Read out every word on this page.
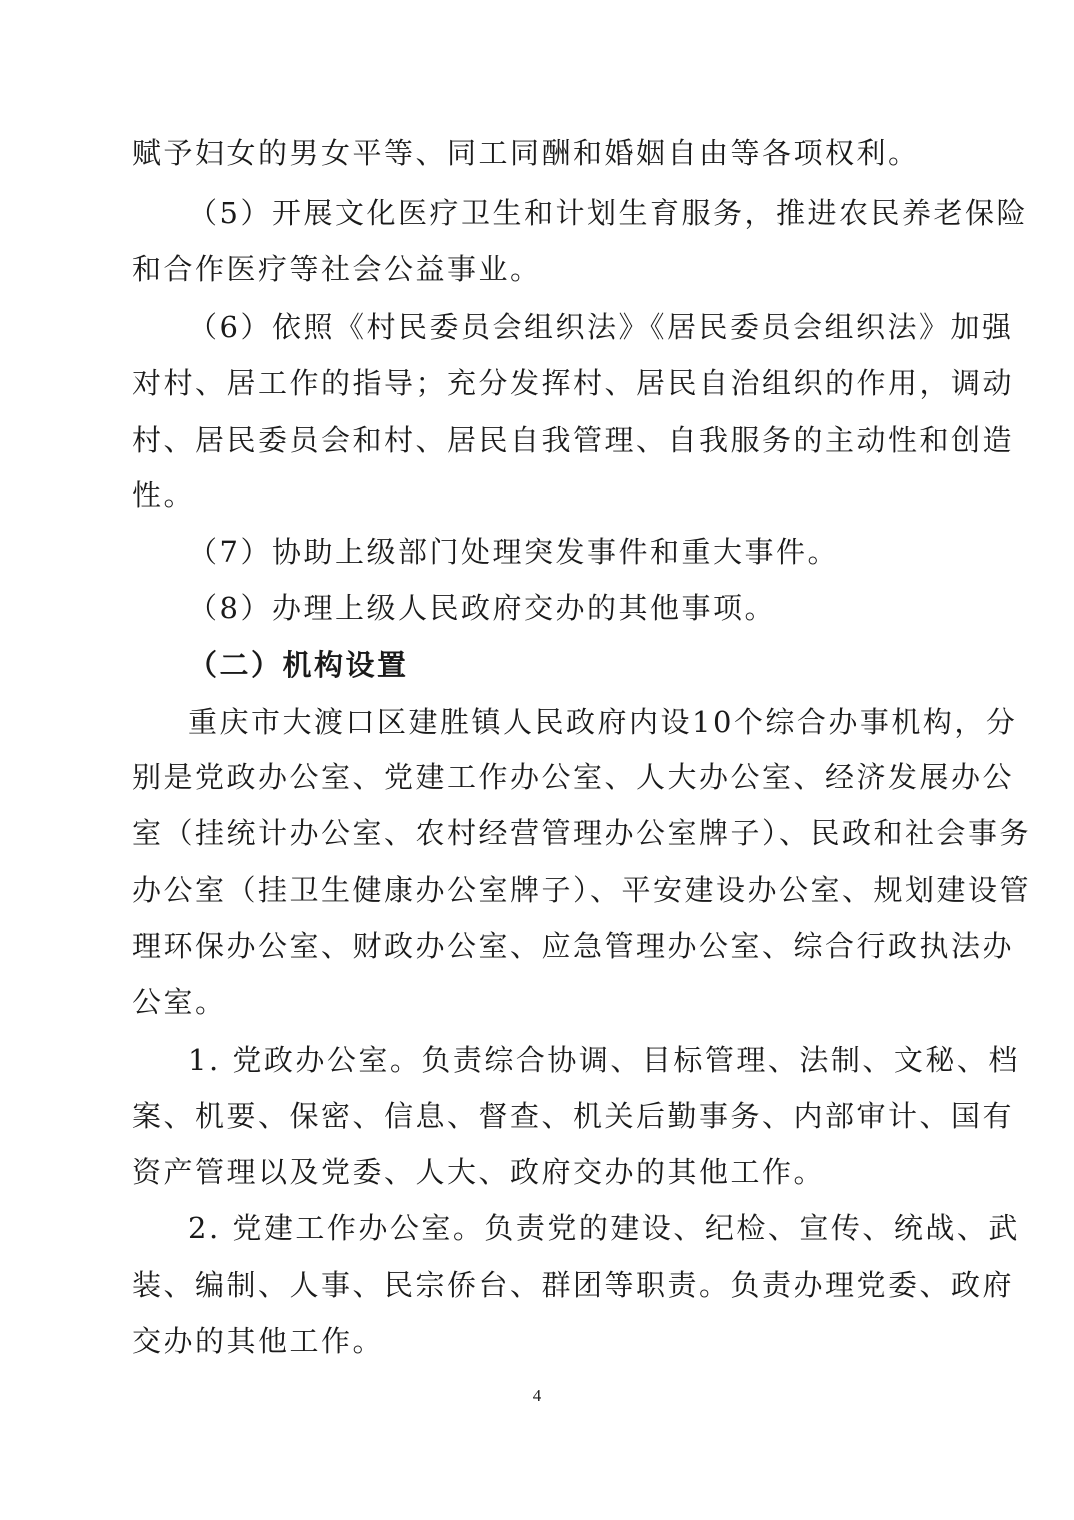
赋予妇女的男女平等、同工同酬和婚姻自由等各项权利。
（5）开展文化医疗卫生和计划生育服务，推进农民养老保险
和合作医疗等社会公益事业。
（6）依照《村民委员会组织法》《居民委员会组织法》加强
对村、居工作的指导；充分发挥村、居民自治组织的作用，调动
村、居民委员会和村、居民自我管理、自我服务的主动性和创造
性。
（7）协助上级部门处理突发事件和重大事件。
（8）办理上级人民政府交办的其他事项。
（二）机构设置
重庆市大渡口区建胜镇人民政府内设10个综合办事机构，分
别是党政办公室、党建工作办公室、人大办公室、经济发展办公
室（挂统计办公室、农村经营管理办公室牌子）、民政和社会事务
办公室（挂卫生健康办公室牌子）、平安建设办公室、规划建设管
理环保办公室、财政办公室、应急管理办公室、综合行政执法办
公室。
1. 党政办公室。负责综合协调、目标管理、法制、文秘、档
案、机要、保密、信息、督查、机关后勤事务、内部审计、国有
资产管理以及党委、人大、政府交办的其他工作。
2. 党建工作办公室。负责党的建设、纪检、宣传、统战、武
装、编制、人事、民宗侨台、群团等职责。负责办理党委、政府
交办的其他工作。
4
